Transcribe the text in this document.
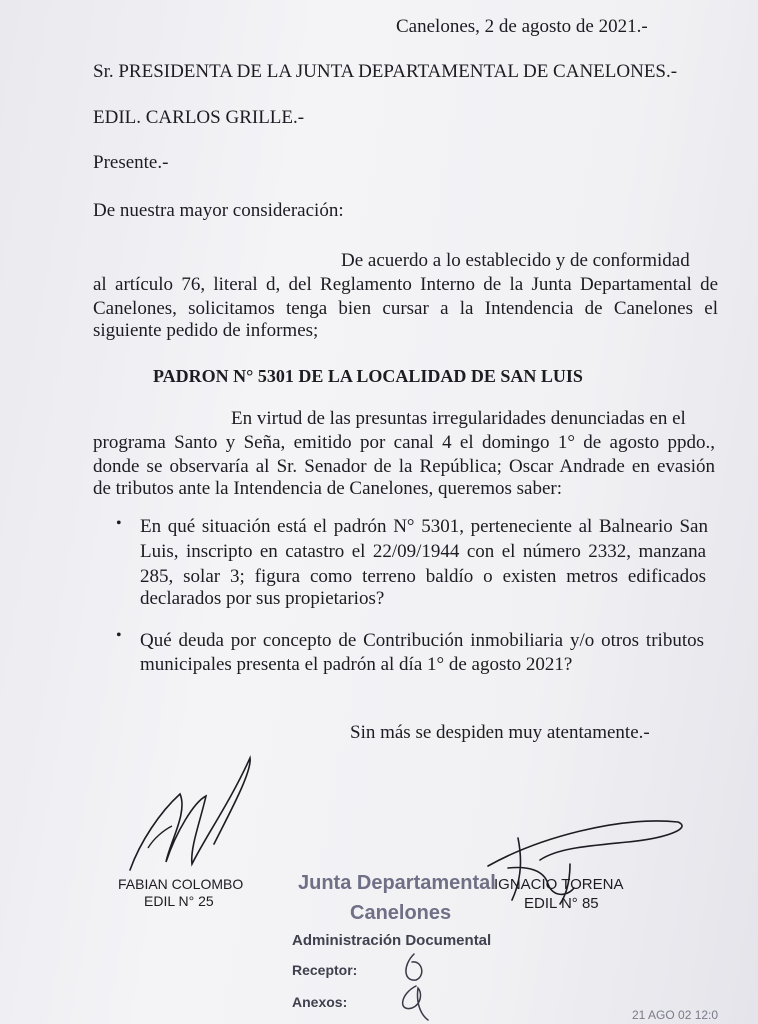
Canelones, 2 de agosto de 2021.-
Sr. PRESIDENTA DE LA JUNTA DEPARTAMENTAL DE CANELONES.-
EDIL. CARLOS GRILLE.-
Presente.-
De nuestra mayor consideración:
De acuerdo a lo establecido y de conformidad
al artículo 76, literal d, del Reglamento Interno de la Junta Departamental de
Canelones, solicitamos tenga bien cursar a la Intendencia de Canelones el
siguiente pedido de informes;
PADRON N° 5301 DE LA LOCALIDAD DE SAN LUIS
En virtud de las presuntas irregularidades denunciadas en el
programa Santo y Seña, emitido por canal 4 el domingo 1° de agosto ppdo.,
donde se observaría al Sr. Senador de la República; Oscar Andrade en evasión
de tributos ante la Intendencia de Canelones, queremos saber:
• En qué situación está el padrón N° 5301, perteneciente al Balneario San
Luis, inscripto en catastro el 22/09/1944 con el número 2332, manzana
285, solar 3; figura como terreno baldío o existen metros edificados
declarados por sus propietarios?
• Qué deuda por concepto de Contribución inmobiliaria y/o otros tributos
municipales presenta el padrón al día 1° de agosto 2021?
Sin más se despiden muy atentamente.-
FABIAN COLOMBO
EDIL N° 25
IGNACIO TORENA
EDIL N° 85
Junta Departamental
Canelones
Administración Documental
Receptor:
Anexos:
21 AGO 02 12:0
